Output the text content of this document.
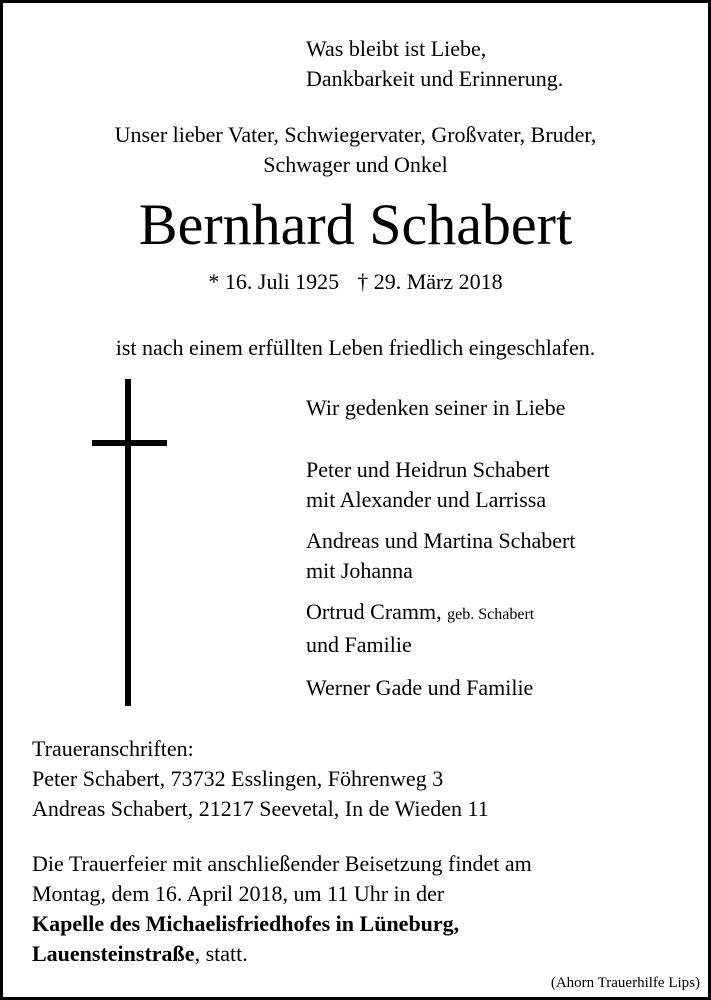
Was bleibt ist Liebe,
Dankbarkeit und Erinnerung.

Unser lieber Vater, Schwiegervater, Großvater, Bruder,
Schwager und Onkel

Bernhard Schabert

* 16. Juli 1925 † 29. März 2018

ist nach einem erfüllten Leben friedlich eingeschlafen.

Wir gedenken seiner in Liebe

Peter und Heidrun Schabert
mit Alexander und Larrissa

Andreas und Martina Schabert
mit Johanna

Ortrud Cramm, geb. Schabert
und Familie

Werner Gade und Familie

Traueranschriften:
Peter Schabert, 73732 Esslingen, Föhrenweg 3
Andreas Schabert, 21217 Seevetal, In de Wieden 11

Die Trauerfeier mit anschließender Beisetzung findet am
Montag, dem 16. April 2018, um 11 Uhr in der
Kapelle des Michaelisfriedhofes in Lüneburg,
Lauensteinstraße, statt.

(Ahorn Trauerhilfe Lips)
